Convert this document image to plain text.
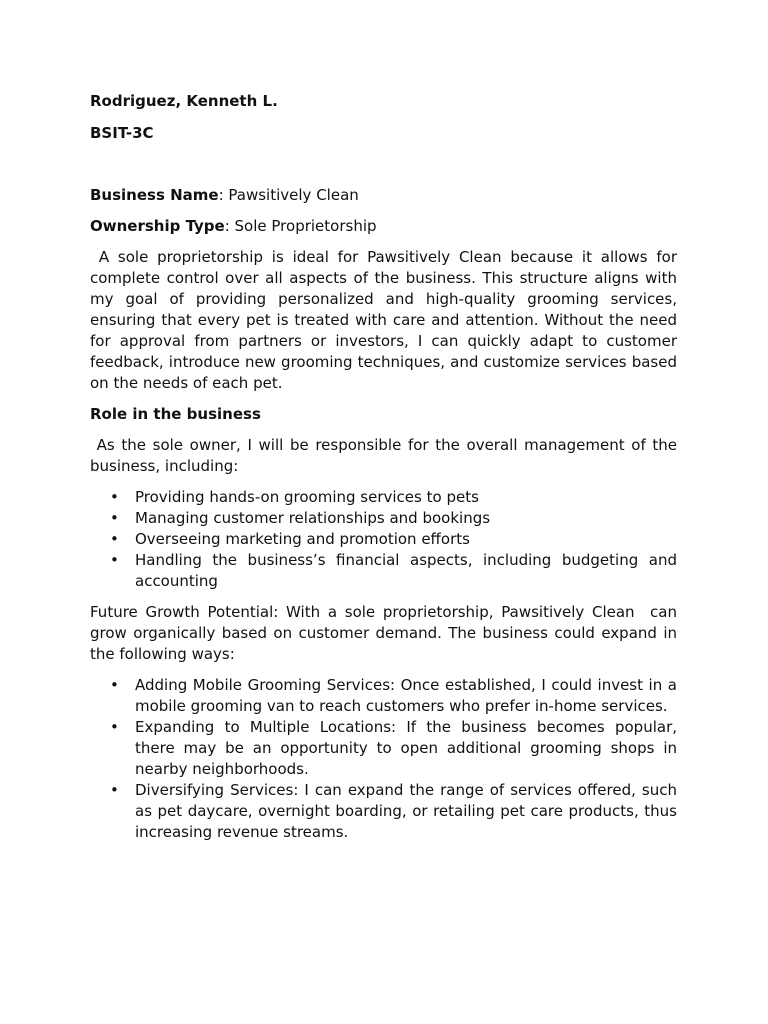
Rodriguez, Kenneth L.

BSIT-3C

Business Name: Pawsitively Clean

Ownership Type: Sole Proprietorship

A sole proprietorship is ideal for Pawsitively Clean because it allows for complete control over all aspects of the business. This structure aligns with my goal of providing personalized and high-quality grooming services, ensuring that every pet is treated with care and attention. Without the need for approval from partners or investors, I can quickly adapt to customer feedback, introduce new grooming techniques, and customize services based on the needs of each pet.

Role in the business

As the sole owner, I will be responsible for the overall management of the business, including:

• Providing hands-on grooming services to pets
• Managing customer relationships and bookings
• Overseeing marketing and promotion efforts
• Handling the business’s financial aspects, including budgeting and accounting

Future Growth Potential: With a sole proprietorship, Pawsitively Clean  can grow organically based on customer demand. The business could expand in the following ways:

• Adding Mobile Grooming Services: Once established, I could invest in a mobile grooming van to reach customers who prefer in-home services.
• Expanding to Multiple Locations: If the business becomes popular, there may be an opportunity to open additional grooming shops in nearby neighborhoods.
• Diversifying Services: I can expand the range of services offered, such as pet daycare, overnight boarding, or retailing pet care products, thus increasing revenue streams.
